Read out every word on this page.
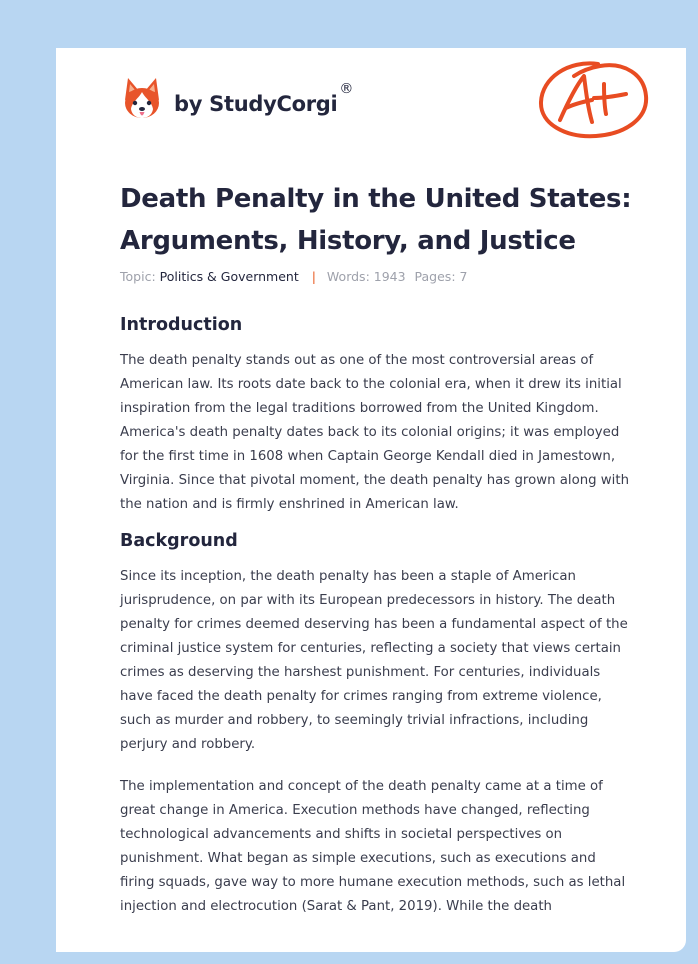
by StudyCorgi
®
Death Penalty in the United States: Arguments, History, and Justice
Topic: Politics & Government | Words: 1943 Pages: 7
Introduction

The death penalty stands out as one of the most controversial areas of American law. Its roots date back to the colonial era, when it drew its initial inspiration from the legal traditions borrowed from the United Kingdom. America's death penalty dates back to its colonial origins; it was employed for the first time in 1608 when Captain George Kendall died in Jamestown, Virginia. Since that pivotal moment, the death penalty has grown along with the nation and is firmly enshrined in American law.

Background

Since its inception, the death penalty has been a staple of American jurisprudence, on par with its European predecessors in history. The death penalty for crimes deemed deserving has been a fundamental aspect of the criminal justice system for centuries, reflecting a society that views certain crimes as deserving the harshest punishment. For centuries, individuals have faced the death penalty for crimes ranging from extreme violence, such as murder and robbery, to seemingly trivial infractions, including perjury and robbery.

The implementation and concept of the death penalty came at a time of great change in America. Execution methods have changed, reflecting technological advancements and shifts in societal perspectives on punishment. What began as simple executions, such as executions and firing squads, gave way to more humane execution methods, such as lethal injection and electrocution (Sarat & Pant, 2019). While the death
